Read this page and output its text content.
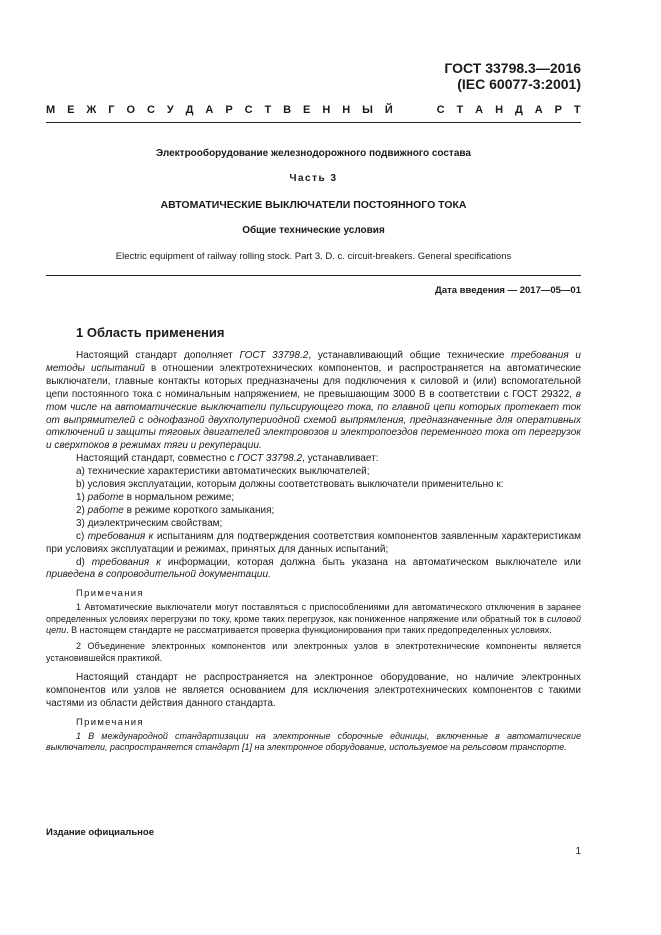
ГОСТ 33798.3—2016
(IEC 60077-3:2001)
М Е Ж Г О С У Д А Р С Т В Е Н Н Ы Й	С Т А Н Д А Р Т
Электрооборудование железнодорожного подвижного состава
Часть 3
АВТОМАТИЧЕСКИЕ ВЫКЛЮЧАТЕЛИ ПОСТОЯННОГО ТОКА
Общие технические условия
Electric equipment of railway rolling stock. Part 3. D. c. circuit-breakers. General specifications
Дата введения — 2017—05—01
1 Область применения

Настоящий стандарт дополняет ГОСТ 33798.2, устанавливающий общие технические требования и методы испытаний в отношении электротехнических компонентов, и распространяется на автоматические выключатели, главные контакты которых предназначены для подключения к силовой и (или) вспомогательной цепи постоянного тока с номинальным напряжением, не превышающим 3000 В в соответствии с ГОСТ 29322, в том числе на автоматические выключатели пульсирующего тока, по главной цепи которых протекает ток от выпрямителей с однофазной двухполупериодной схемой выпрямления, предназначенные для оперативных отключений и защиты тяговых двигателей электровозов и электропоездов переменного тока от перегрузок и сверхтоков в режимах тяги и рекуперации.

Настоящий стандарт, совместно с ГОСТ 33798.2, устанавливает:

a) технические характеристики автоматических выключателей;

b) условия эксплуатации, которым должны соответствовать выключатели применительно к:

1) работе в нормальном режиме;

2) работе в режиме короткого замыкания;

3) диэлектрическим свойствам;

c) требования к испытаниям для подтверждения соответствия компонентов заявленным характеристикам при условиях эксплуатации и режимах, принятых для данных испытаний;

d) требования к информации, которая должна быть указана на автоматическом выключателе или приведена в сопроводительной документации.

Примечания

1 Автоматические выключатели могут поставляться с приспособлениями для автоматического отключения в заранее определенных условиях перегрузки по току, кроме таких перегрузок, как пониженное напряжение или обратный ток в силовой цепи. В настоящем стандарте не рассматривается проверка функционирования при таких предопределенных условиях.

2 Объединение электронных компонентов или электронных узлов в электротехнические компоненты является установившейся практикой.

Настоящий стандарт не распространяется на электронное оборудование, но наличие электронных компонентов или узлов не является основанием для исключения электротехнических компонентов с такими частями из области действия данного стандарта.

Примечания

1 В международной стандартизации на электронные сборочные единицы, включенные в автоматические выключатели, распространяется стандарт [1] на электронное оборудование, используемое на рельсовом транспорте.

Издание официальное
1
